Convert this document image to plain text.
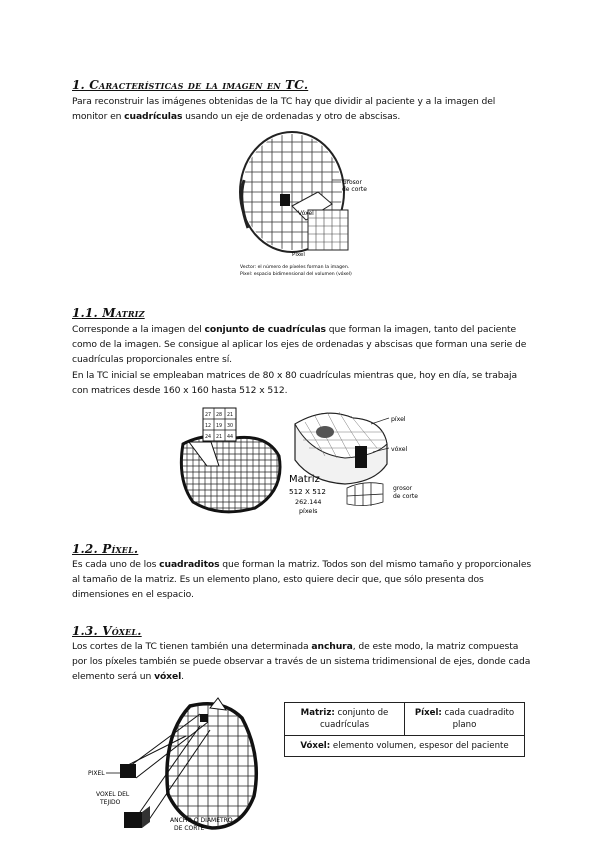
1. Características de la imagen en TC.

Para reconstruir las imágenes obtenidas de la TC hay que dividir al paciente y a la imagen del monitor en cuadrículas usando un eje de ordenadas y otro de abscisas.

Grosor
de corte
Vóxel
Píxel
Vector: el número de píxeles forman la imagen.
Píxel: espacio bidimensional del volumen (vóxel)
1.1. Matriz

Corresponde a la imagen del conjunto de cuadrículas que forman la imagen, tanto del paciente como de la imagen. Se consigue al aplicar los ejes de ordenadas y abscisas que forman una serie de cuadrículas proporcionales entre sí.

En la TC inicial se empleaban matrices de 80 x 80 cuadrículas mientras que, hoy en día, se trabaja con matrices desde 160 x 160 hasta 512 x 512.

27 28 21
12 19 30
24 21 44
píxel
vóxel
grosor
de corte
Matriz
512 X 512
262.144
píxels
1.2. Píxel.

Es cada uno de los cuadraditos que forman la matriz. Todos son del mismo tamaño y proporcionales al tamaño de la matriz. Es un elemento plano, esto quiere decir que, que sólo presenta dos dimensiones en el espacio.

1.3. Vóxel.

Los cortes de la TC tienen también una determinada anchura, de este modo, la matriz compuesta por los píxeles también se puede observar a través de un sistema tridimensional de ejes, donde cada elemento será un vóxel.

PIXEL
VOXEL DEL
TEJIDO
ANCHO O DIAMETRO
DE CORTE
Matriz: conjunto de cuadrículas	Píxel: cada cuadradito plano
Vóxel: elemento volumen, espesor del paciente
